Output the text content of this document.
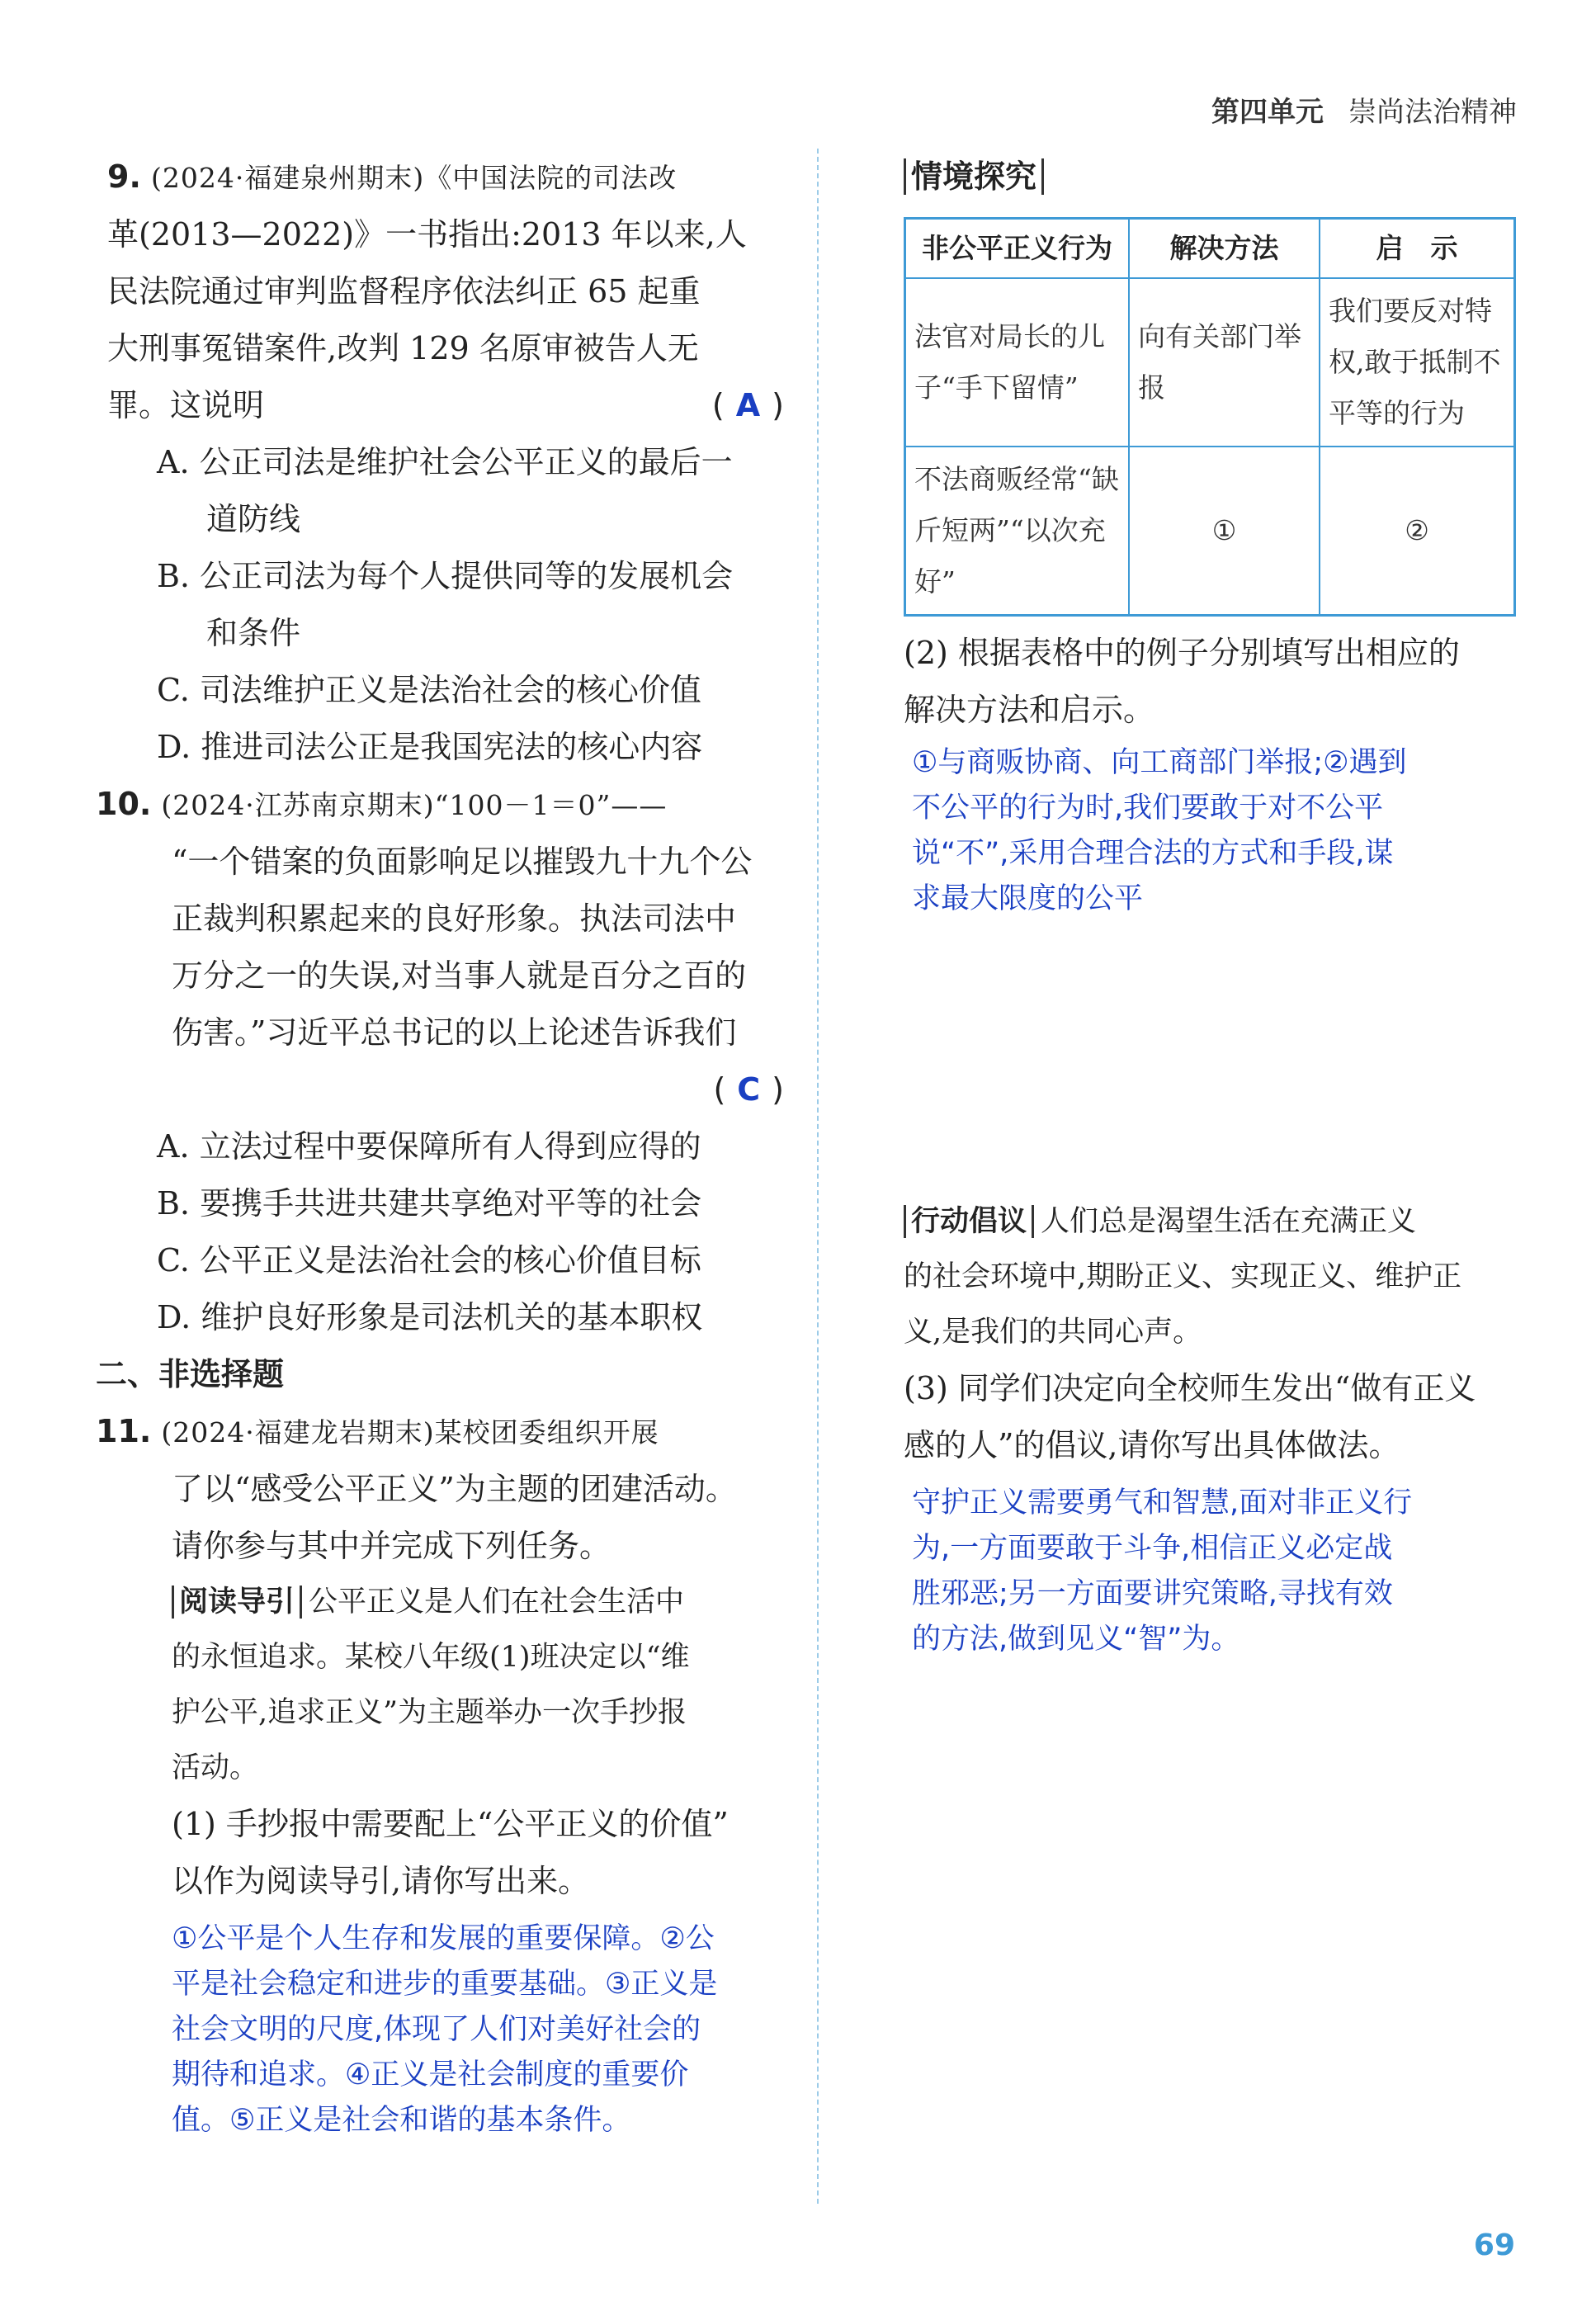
第四单元 崇尚法治精神
9. (2024·福建泉州期末)《中国法院的司法改
革(2013—2022)》一书指出:2013 年以来,人
民法院通过审判监督程序依法纠正 65 起重
大刑事冤错案件,改判 129 名原审被告人无
罪。这说明	( A )
A. 公正司法是维护社会公平正义的最后一
道防线
B. 公正司法为每个人提供同等的发展机会
和条件
C. 司法维护正义是法治社会的核心价值
D. 推进司法公正是我国宪法的核心内容
10. (2024·江苏南京期末)“100－1＝0”——
“一个错案的负面影响足以摧毁九十九个公
正裁判积累起来的良好形象。执法司法中
万分之一的失误,对当事人就是百分之百的
伤害。”习近平总书记的以上论述告诉我们
( C )
A. 立法过程中要保障所有人得到应得的
B. 要携手共进共建共享绝对平等的社会
C. 公平正义是法治社会的核心价值目标
D. 维护良好形象是司法机关的基本职权
二、非选择题
11. (2024·福建龙岩期末)某校团委组织开展
了以“感受公平正义”为主题的团建活动。
请你参与其中并完成下列任务。
阅读导引 公平正义是人们在社会生活中
的永恒追求。某校八年级(1)班决定以“维
护公平,追求正义”为主题举办一次手抄报
活动。
(1) 手抄报中需要配上“公平正义的价值”
以作为阅读导引,请你写出来。
①公平是个人生存和发展的重要保障。②公
平是社会稳定和进步的重要基础。③正义是
社会文明的尺度,体现了人们对美好社会的
期待和追求。④正义是社会制度的重要价
值。⑤正义是社会和谐的基本条件。
情境探究
非公平正义行为	解决方法	启　示
法官对局长的儿子“手下留情”	向有关部门举报	我们要反对特权,敢于抵制不平等的行为
不法商贩经常“缺斤短两”“以次充好”	①	②
(2) 根据表格中的例子分别填写出相应的
解决方法和启示。
①与商贩协商、向工商部门举报;②遇到
不公平的行为时,我们要敢于对不公平
说“不”,采用合理合法的方式和手段,谋
求最大限度的公平
行动倡议 人们总是渴望生活在充满正义
的社会环境中,期盼正义、实现正义、维护正
义,是我们的共同心声。
(3) 同学们决定向全校师生发出“做有正义
感的人”的倡议,请你写出具体做法。
守护正义需要勇气和智慧,面对非正义行
为,一方面要敢于斗争,相信正义必定战
胜邪恶;另一方面要讲究策略,寻找有效
的方法,做到见义“智”为。
69
